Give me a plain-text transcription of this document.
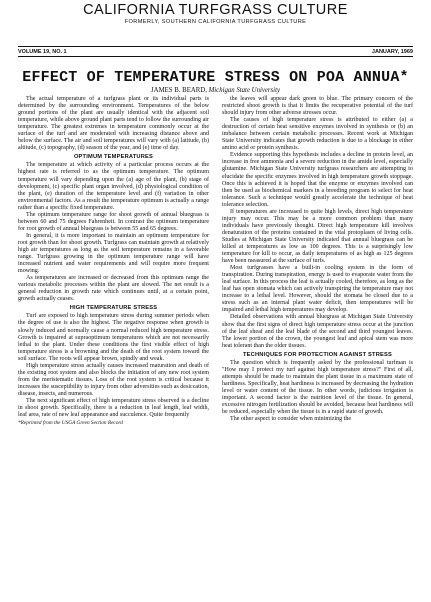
CALIFORNIA TURFGRASS CULTURE
FORMERLY, SOUTHERN CALIFORNIA TURFGRASS CULTURE
VOLUME 19, NO. 1	JANUARY, 1969
EFFECT OF TEMPERATURE STRESS ON POA ANNUA*
JAMES B. BEARD, Michigan State University

The actual temperature of a turfgrass plant or its individual parts is determined by the surrounding environment. Temperatures of the below ground portions of the plant are usually identical with the adjacent soil temperature, while above ground plant parts tend to follow the surrounding air temperature. The greatest extremes in temperature commonly occur at the surface of the turf and are moderated with increasing distance above and below the surface. The air and soil temperatures will vary with (a) latitude, (b) altitude, (c) topography, (d) season of the year, and (e) time of day.

OPTIMUM TEMPERATURES

The temperature at which activity of a particular process occurs at the highest rate is referred to as the optimum temperature. The optimum temperature will vary depending upon the (a) age of the plant, (b) stage of development, (c) specific plant organ involved, (d) physiological condition of the plant, (e) duration of the temperature level and (f) variation in other environmental factors. As a result the temperature optimum is actually a range rather than a specific fixed temperature.

The optimum temperature range for shoot growth of annual bluegrass is between 60 and 75 degrees Fahrenheit. In contrast the optimum temperature for root growth of annual bluegrass is between 55 and 65 degrees.

In general, it is more important to maintain an optimum temperature for root growth than for shoot growth. Turfgrass can maintain growth at relatively high air temperatures as long as the soil temperature remains in a favorable range. Turfgrass growing in the optimum temperature range will have increased nutrient and water requirements and will require more frequent mowing.

As temperatures are increased or decreased from this optimum range the various metabolic processes within the plant are slowed. The net result is a general reduction in growth rate which continues until, at a certain point, growth actually ceases.

HIGH TEMPERATURE STRESS

Turf are exposed to high temperature stress during summer periods when the degree of use is also the highest. The negative response when growth is slowly induced and normally cause a normal reduced high temperature stress. Growth is impaired at supraoptimum temperatures which are not necessarily lethal to the plant. Under these conditions the first visible effect of high temperature stress is a browning and the death of the root system toward the soil surface. The roots will appear brown, spindly and weak.

High temperature stress actually causes increased maturation and death of the existing root system and also blocks the initiation of any new root system from the meristematic tissues. Loss of the root system is critical because it increases the susceptibility to injury from other adversities such as desiccation, disease, insects, and numerous.

The next significant effect of high temperature stress observed is a decline in shoot growth. Specifically, there is a reduction in leaf length, leaf width, leaf area, rate of new leaf appearance and succulence. Quite frequently

*Reprinted from the USGA Green Section Record

the leaves will appear dark green to blue. The primary concern of the restricted shoot growth is that it limits the recuperative potential of the turf should injury from other adverse stresses occur.

The causes of high temperature stress is attributed to either (a) a destruction of certain heat sensitive enzymes involved in synthesis or (b) an imbalance between certain metabolic processes. Recent work at Michigan State University indicates that growth reduction is due to a blockage in either amino acid or protein synthesis.

Evidence supporting this hypothesis includes a decline in protein level, an increase in free ammonia and a severe reduction in the amide level, especially glutamine. Michigan State University turfgrass researchers are attempting to elucidate the specific enzymes involved in high temperature growth stoppage. Once this is achieved it is hoped that the enzyme or enzymes involved can then be used as biochemical markers in a breeding program to select for heat tolerance. Such a technique would greatly accelerate the technique of heat tolerance selection.

If temperatures are increased to quite high levels, direct high temperature injury may occur. This may be a more common problem than many individuals have previously thought. Direct high temperature kill involves denaturation of the proteins contained in the vital protoplasm of living cells. Studies at Michigan State University indicated that annual bluegrass can be killed at temperatures as low as 100 degrees. This is a surprisingly low temperature for kill to occur, as daily temperatures of as high as 125 degrees have been measured at the surface of turfs.

Most turfgrasses have a built-in cooling system in the form of transpiration. During transpiration, energy is used to evaporate water from the leaf surface. In this process the leaf is actually cooled, therefore, as long as the leaf has open stomata which can actively transpiring the temperature may not increase to a lethal level. However, should the stomata be closed due to a stress such as an internal plant water deficit, then temperatures will be impaired and lethal high temperatures may develop.

Detailed observations with annual bluegrass at Michigan State University show that the first signs of direct high temperature stress occur at the junction of the leaf sheaf and the leaf blade of the second and third youngest leaves. The lower portion of the crown, the youngest leaf and apical stem was more heat tolerant than the older tissues.

TECHNIQUES FOR PROTECTION AGAINST STRESS

The question which is frequently asked by the professional turfman is "How may I protect my turf against high temperature stress?" First of all, attempts should be made to maintain the plant tissue in a maximum state of hardiness. Specifically, heat hardiness is increased by decreasing the hydration level or water content of the tissue. In other words, judicious irrigation is important. A second factor is the nutrition level of the tissue. In general, excessive nitrogen fertilization should be avoided, because heat hardiness will be reduced, especially when the tissue is in a rapid state of growth.

The other aspect to consider when minimizing the
